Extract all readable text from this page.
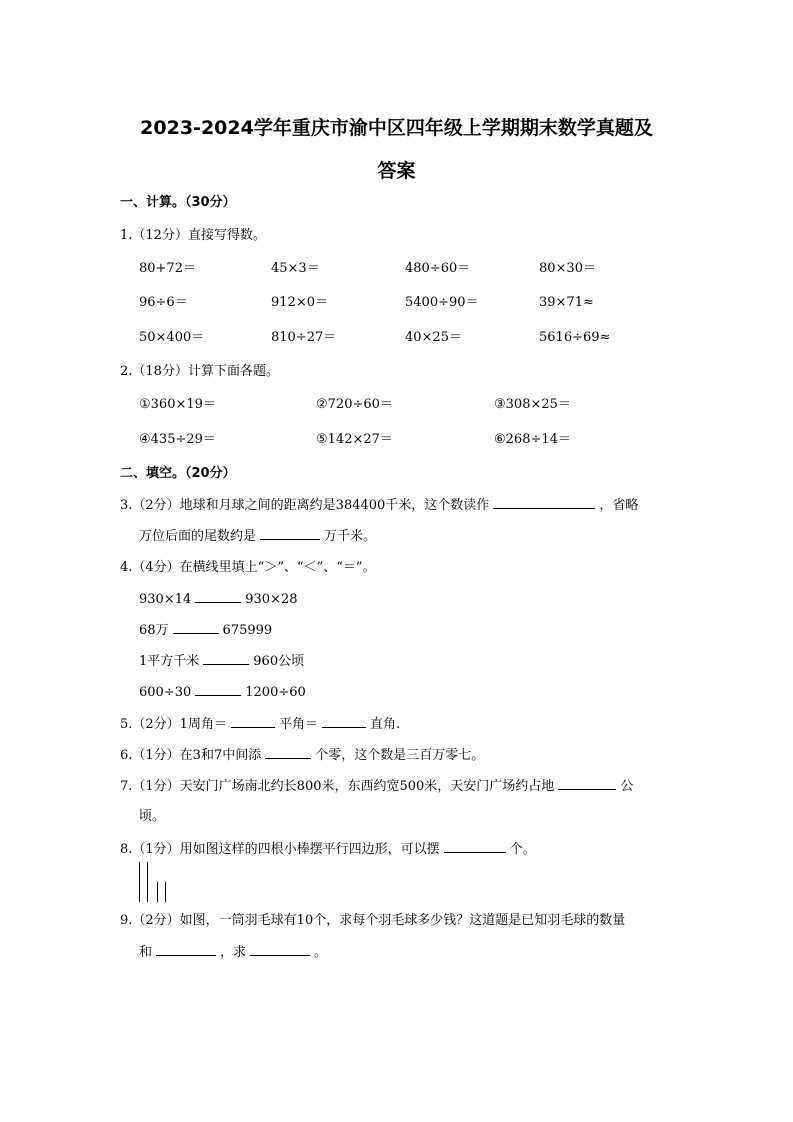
2023-2024学年重庆市渝中区四年级上学期期末数学真题及
答案
一、计算。（30分）
1.（12分）直接写得数。
80+72＝	45×3＝	480÷60＝	80×30＝
96÷6＝	912×0＝	5400÷90＝	39×71≈
50×400＝	810÷27＝	40×25＝	5616÷69≈
2.（18分）计算下面各题。
①360×19＝	②720÷60＝	③308×25＝
④435÷29＝	⑤142×27＝	⑥268÷14＝
二、填空。（20分）
3.（2分）地球和月球之间的距离约是384400千米，这个数读作	，省略
万位后面的尾数约是	万千米。
4.（4分）在横线里填上“＞”、“＜”、“＝”。
930×14	930×28
68万	675999
1平方千米	960公顷
600÷30	1200÷60
5.（2分）1周角＝	平角＝	直角.
6.（1分）在3和7中间添	个零，这个数是三百万零七。
7.（1分）天安门广场南北约长800米，东西约宽500米，天安门广场约占地	公
顷。
8.（1分）用如图这样的四根小棒摆平行四边形，可以摆	个。
9.（2分）如图，一筒羽毛球有10个，求每个羽毛球多少钱？这道题是已知羽毛球的数量
和	，求	。
